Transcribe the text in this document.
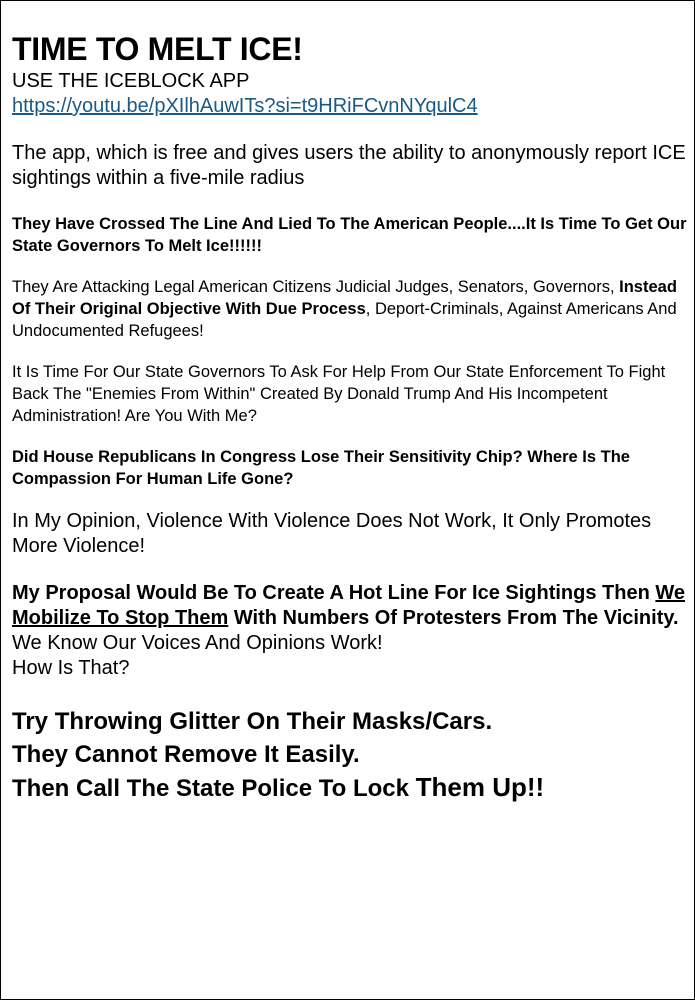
TIME TO MELT ICE!
USE THE ICEBLOCK APP
https://youtu.be/pXIlhAuwITs?si=t9HRiFCvnNYqulC4

The app, which is free and gives users the ability to anonymously report ICE sightings within a five-mile radius

They Have Crossed The Line And Lied To The American People....It Is Time To Get Our State Governors To Melt Ice!!!!!!

They Are Attacking Legal American Citizens Judicial Judges, Senators, Governors, Instead Of Their Original Objective With Due Process, Deport-Criminals, Against Americans And Undocumented Refugees!

It Is Time For Our State Governors To Ask For Help From Our State Enforcement To Fight Back The "Enemies From Within" Created By Donald Trump And His Incompetent Administration! Are You With Me?

Did House Republicans In Congress Lose Their Sensitivity Chip? Where Is The Compassion For Human Life Gone?

In My Opinion, Violence With Violence Does Not Work, It Only Promotes More Violence!

My Proposal Would Be To Create A Hot Line For Ice Sightings Then We Mobilize To Stop Them With Numbers Of Protesters From The Vicinity. We Know Our Voices And Opinions Work!

How Is That?

Try Throwing Glitter On Their Masks/Cars.

They Cannot Remove It Easily.

Then Call The State Police To Lock Them Up!!
